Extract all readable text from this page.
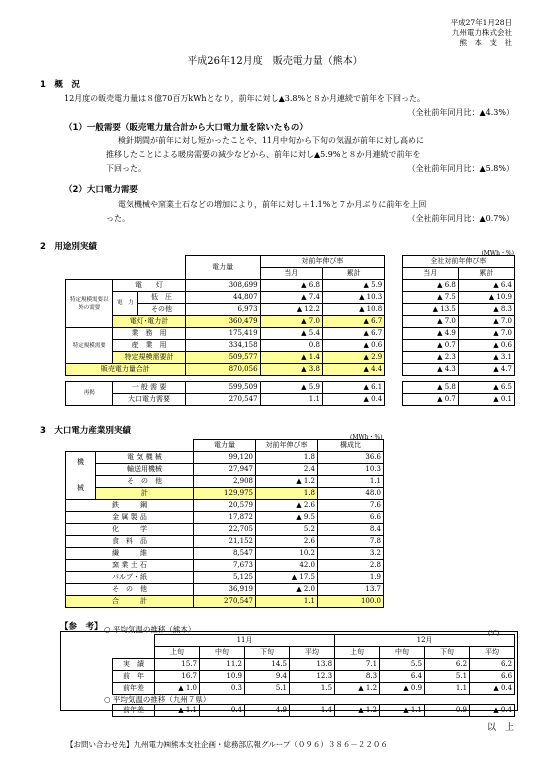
平成27年1月28日
九州電力株式会社
熊　本　支　社
平成26年12月度　販売電力量（熊本）
1　概　況
12月度の販売電力量は８億70百万kWhとなり，前年に対し▲3.8%と８か月連続で前年を下回った。
（全社前年同月比：▲4.3%）
（1）一般需要（販売電力量合計から大口電力量を除いたもの）
検針期間が前年に対し短かったことや、11月中旬から下旬の気温が前年に対し高めに
推移したことによる暖房需要の減少などから、前年に対し▲5.9%と８か月連続で前年を
下回った。	（全社前年同月比：▲5.8%）
（2）大口電力需要
電気機械や窯業土石などの増加により，前年に対し＋1.1%と７か月ぶりに前年を上回
った。	（全社前年同月比：▲0.7%）
2　用途別実績
(MWh・%)
			電力量	対前年伸び率			全社対前年伸び率	
				当月	累計		当月	累計
特定規模需要以外の需要	電　　灯		308,699	▲ 6.8	▲ 5.9		▲ 6.8	▲ 6.4
	電　力	低　圧	44,807	▲ 7.4	▲ 10.3		▲ 7.5	▲ 10.9
		その他	6,973	▲ 12.2	▲ 10.8		▲ 13.5	▲ 8.3
	電灯･電力計		360,479	▲ 7.0	▲ 6.7		▲ 7.0	▲ 7.0
特定規模需要	業　務　用		175,419	▲ 5.4	▲ 6.7		▲ 4.9	▲ 7.0
	産　業　用		334,158	0.8	▲ 0.6		▲ 0.7	▲ 0.6
	特定規模需要計		509,577	▲ 1.4	▲ 2.9		▲ 2.3	▲ 3.1
販売電力量合計			870,056	▲ 3.8	▲ 4.4		▲ 4.3	▲ 4.7

再掲	一 般 需 要		599,509	▲ 5.9	▲ 6.1		▲ 5.8	▲ 6.5
	大口電力需要		270,547	1.1	▲ 0.4		▲ 0.7	▲ 0.1
3　大口電力産業別実績
(MWh・%)
		電力量	対前年伸び率	構成比
機

械	電 気 機 械	99,120	1.8	36.6
	輸送用機械	27,947	2.4	10.3
	そ　の　他	2,908	▲ 1.2	1.1
	計	129,975	1.8	48.0
鉄　　　鋼		20,579	▲ 2.6	7.6
金 属 製 品		17,872	▲ 9.5	6.6
化　　　学		22,705	5.2	8.4
食　料　品		21,152	2.6	7.8
繊　　　維		8,547	10.2	3.2
窯 業 土 石		7,673	42.0	2.8
パルプ・紙		5,125	▲ 17.5	1.9
そ　の　他		36,919	▲ 2.0	13.7
合　　　計		270,547	1.1	100.0
【参　考】 ○ 平均気温の推移（熊本）	(℃)
	11月				12月			
	上旬	中旬	下旬	平均	上旬	中旬	下旬	平均
実　績	15.7	11.2	14.5	13.8	7.1	5.5	6.2	6.2
前　年	16.7	10.9	9.4	12.3	8.3	6.4	5.1	6.6
前年差	▲ 1.0	0.3	5.1	1.5	▲ 1.2	▲ 0.9	1.1	▲ 0.4
○ 平均気温の推移（九州７県）
前年差	▲ 1.1	0.4	4.9	1.4	▲ 1.2	▲ 1.1	0.9	▲ 0.4
以　上
【お問い合わせ先】九州電力㈱熊本支社企画・総務部広報グループ（０９６）３８６－２２０６
